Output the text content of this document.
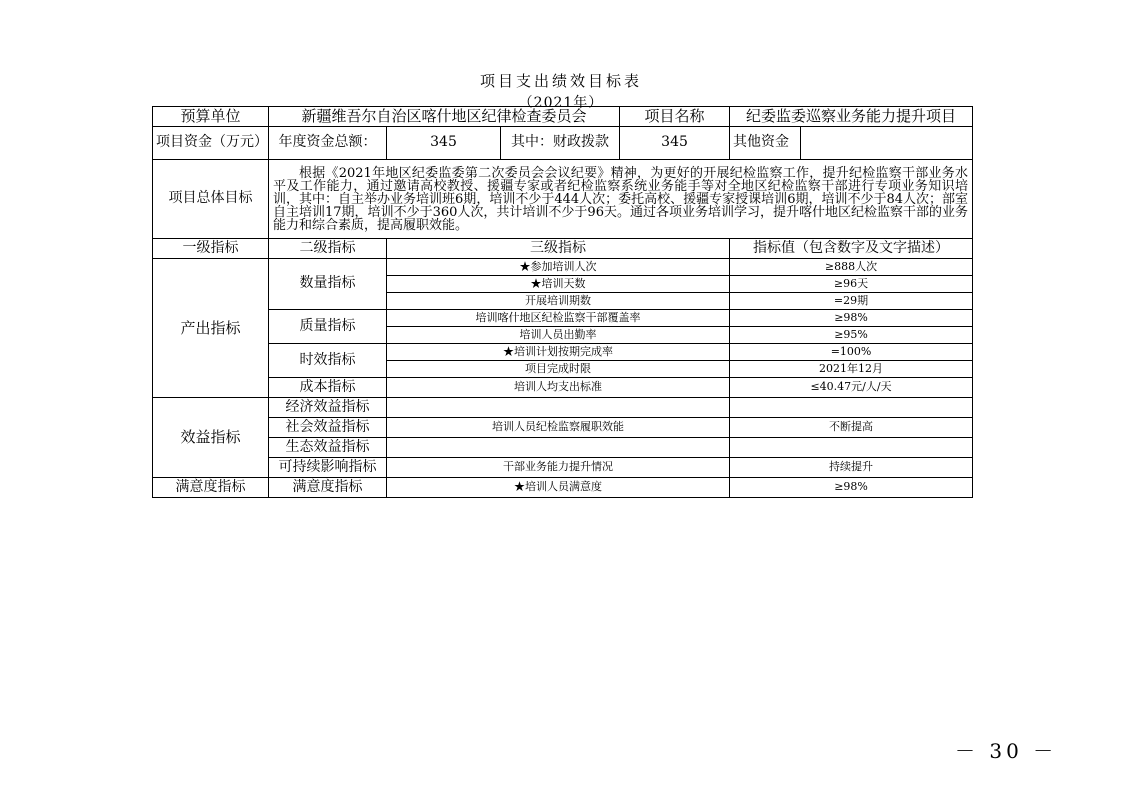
项目支出绩效目标表
（2021年）
预算单位	新疆维吾尔自治区喀什地区纪律检查委员会			项目名称	纪委监委巡察业务能力提升项目	
项目资金（万元）	年度资金总额：	345	其中：财政拨款	345	其他资金	
项目总体目标	根据《2021年地区纪委监委第二次委员会会议纪要》精神，为更好的开展纪检监察工作，提升纪检监察干部业务水平及工作能力，通过邀请高校教授、援疆专家或者纪检监察系统业务能手等对全地区纪检监察干部进行专项业务知识培训，其中：自主举办业务培训班6期，培训不少于444人次；委托高校、援疆专家授课培训6期，培训不少于84人次；部室自主培训17期，培训不少于360人次，共计培训不少于96天。通过各项业务培训学习，提升喀什地区纪检监察干部的业务能力和综合素质，提高履职效能。					

一级指标	二级指标	三级指标			指标值（包含数字及文字描述）	
产出指标	数量指标	★参加培训人次			≥888人次	
		★培训天数			≥96天	
		开展培训期数			=29期	
	质量指标	培训喀什地区纪检监察干部覆盖率			≥98%	
		培训人员出勤率			≥95%	
	时效指标	★培训计划按期完成率			=100%	
		项目完成时限			2021年12月	
	成本指标	培训人均支出标准			≤40.47元/人/天	
效益指标	经济效益指标					
	社会效益指标	培训人员纪检监察履职效能			不断提高	
	生态效益指标					
	可持续影响指标	干部业务能力提升情况			持续提升	
满意度指标	满意度指标	★培训人员满意度			≥98%	
－ 30 －
